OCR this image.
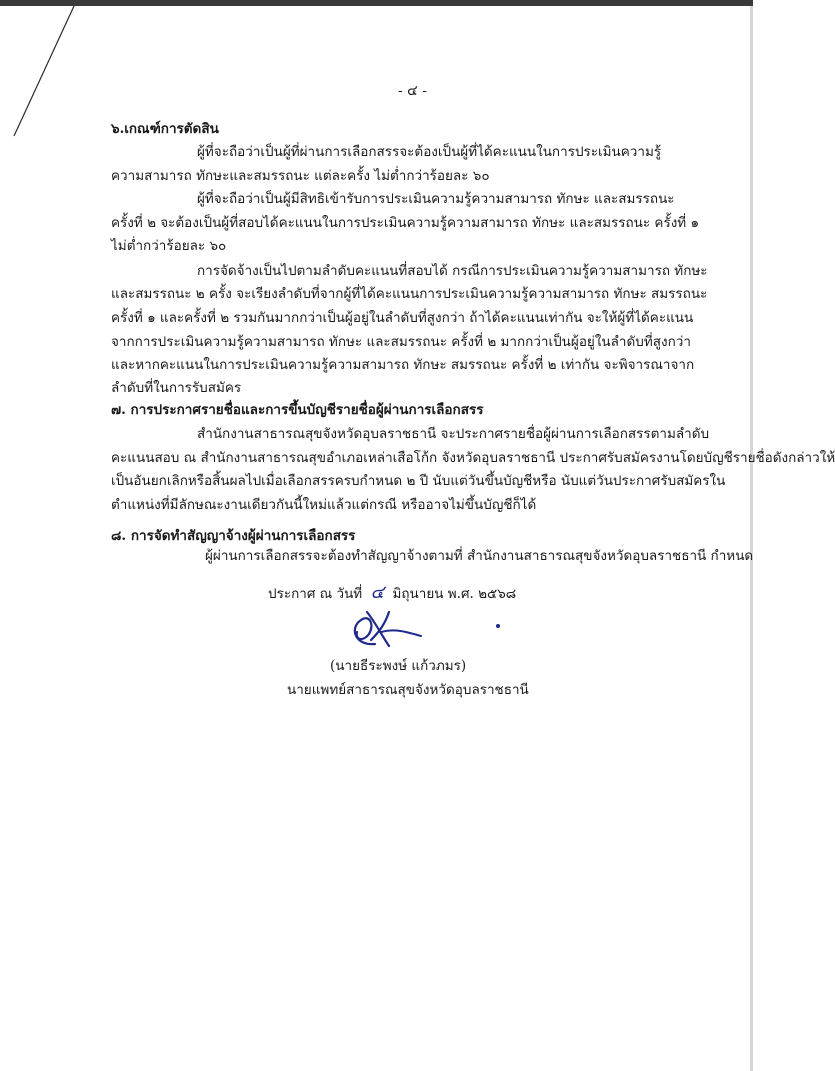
- ๔ -
๖.เกณฑ์การตัดสิน
ผู้ที่จะถือว่าเป็นผู้ที่ผ่านการเลือกสรรจะต้องเป็นผู้ที่ได้คะแนนในการประเมินความรู้
ความสามารถ ทักษะและสมรรถนะ แต่ละครั้ง ไม่ต่ำกว่าร้อยละ ๖๐
ผู้ที่จะถือว่าเป็นผู้มีสิทธิเข้ารับการประเมินความรู้ความสามารถ ทักษะ และสมรรถนะ
ครั้งที่ ๒ จะต้องเป็นผู้ที่สอบได้คะแนนในการประเมินความรู้ความสามารถ ทักษะ และสมรรถนะ ครั้งที่ ๑
ไม่ต่ำกว่าร้อยละ ๖๐
การจัดจ้างเป็นไปตามลำดับคะแนนที่สอบได้ กรณีการประเมินความรู้ความสามารถ ทักษะ
และสมรรถนะ ๒ ครั้ง จะเรียงลำดับที่จากผู้ที่ได้คะแนนการประเมินความรู้ความสามารถ ทักษะ สมรรถนะ
ครั้งที่ ๑ และครั้งที่ ๒ รวมกันมากกว่าเป็นผู้อยู่ในลำดับที่สูงกว่า ถ้าได้คะแนนเท่ากัน จะให้ผู้ที่ได้คะแนน
จากการประเมินความรู้ความสามารถ ทักษะ และสมรรถนะ ครั้งที่ ๒ มากกว่าเป็นผู้อยู่ในลำดับที่สูงกว่า
และหากคะแนนในการประเมินความรู้ความสามารถ ทักษะ สมรรถนะ ครั้งที่ ๒ เท่ากัน จะพิจารณาจาก
ลำดับที่ในการรับสมัคร
๗. การประกาศรายชื่อและการขึ้นบัญชีรายชื่อผู้ผ่านการเลือกสรร
สำนักงานสาธารณสุขจังหวัดอุบลราชธานี จะประกาศรายชื่อผู้ผ่านการเลือกสรรตามลำดับ
คะแนนสอบ ณ สำนักงานสาธารณสุขอำเภอเหล่าเสือโก้ก จังหวัดอุบลราชธานี ประกาศรับสมัครงานโดยบัญชีรายชื่อดังกล่าวให้
เป็นอันยกเลิกหรือสิ้นผลไปเมื่อเลือกสรรครบกำหนด ๒ ปี นับแต่วันขึ้นบัญชีหรือ นับแต่วันประกาศรับสมัครใน
ตำแหน่งที่มีลักษณะงานเดียวกันนี้ใหม่แล้วแต่กรณี หรืออาจไม่ขึ้นบัญชีก็ได้
๘. การจัดทำสัญญาจ้างผู้ผ่านการเลือกสรร
ผู้ผ่านการเลือกสรรจะต้องทำสัญญาจ้างตามที่ สำนักงานสาธารณสุขจังหวัดอุบลราชธานี กำหนด
ประกาศ ณ วันที่ ๔ มิถุนายน พ.ศ. ๒๕๖๘
(นายธีระพงษ์ แก้วภมร)
นายแพทย์สาธารณสุขจังหวัดอุบลราชธานี
